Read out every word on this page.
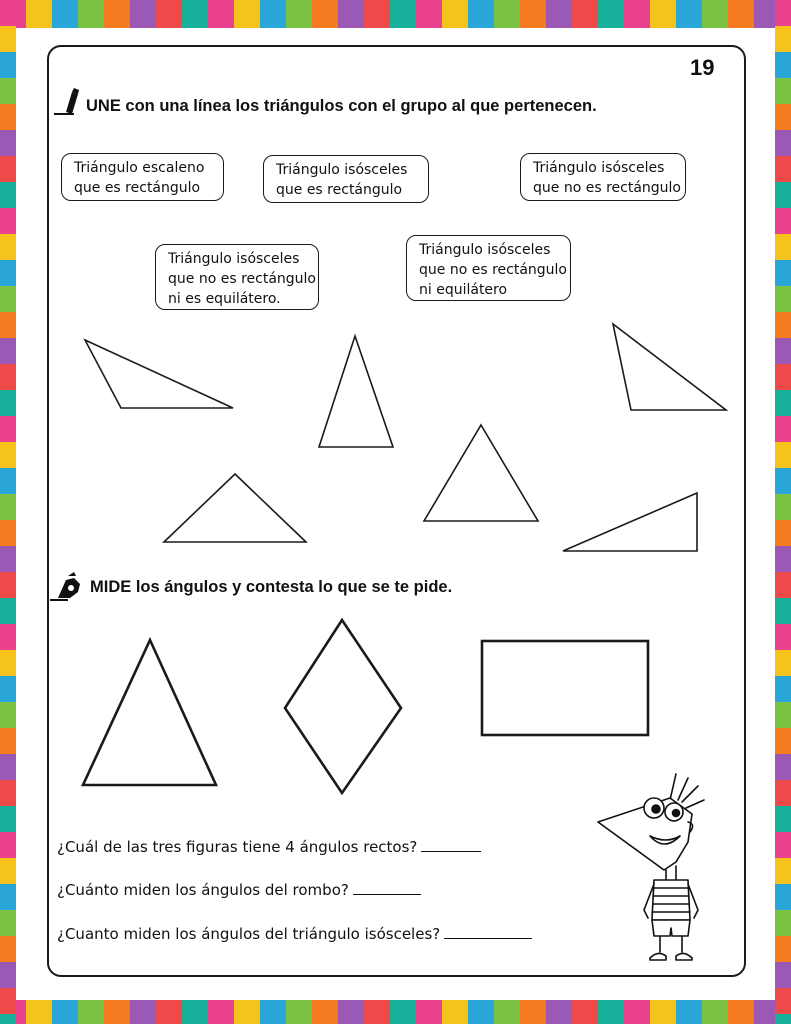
19
UNE con una línea los triángulos con el grupo al que pertenecen.
Triángulo escaleno
que es rectángulo
Triángulo isósceles
que es rectángulo
Triángulo isósceles
que no es rectángulo
Triángulo isósceles
que no es rectángulo
ni es equilátero.
Triángulo isósceles
que no es rectángulo
ni equilátero
MIDE los ángulos y contesta lo que se te pide.
¿Cuál de las tres figuras tiene 4 ángulos rectos?
¿Cuánto miden los ángulos del rombo?
¿Cuanto miden los ángulos del triángulo isósceles?
